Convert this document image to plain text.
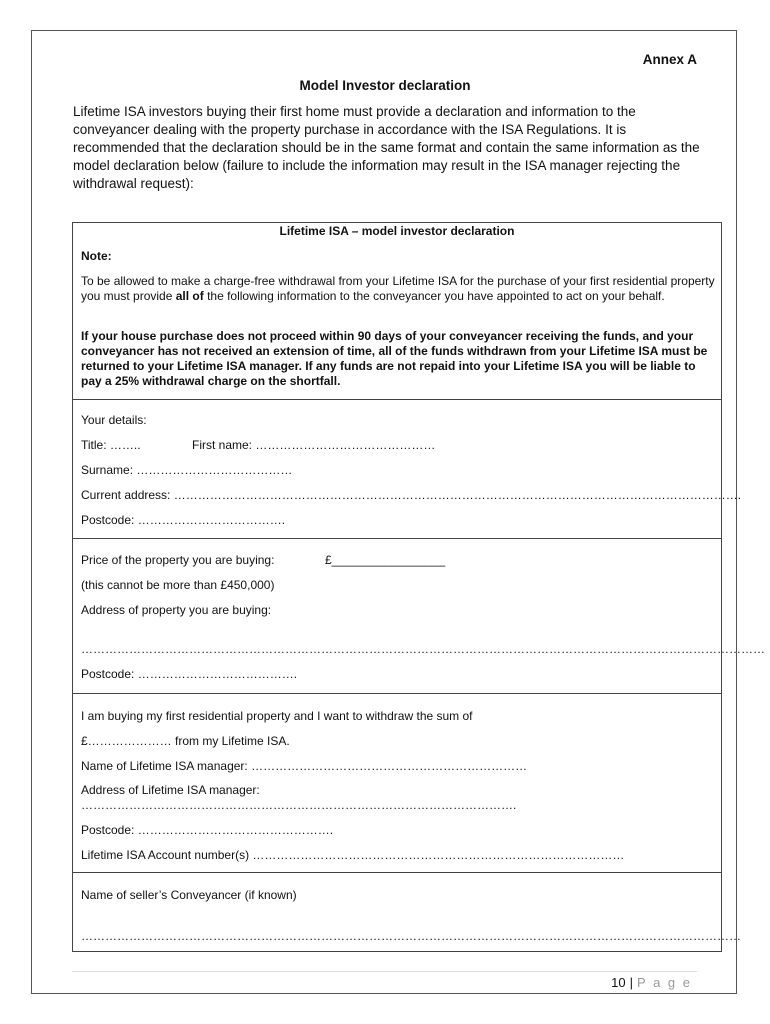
Annex A
Model Investor declaration

Lifetime ISA investors buying their first home must provide a declaration and information to the conveyancer dealing with the property purchase in accordance with the ISA Regulations. It is recommended that the declaration should be in the same format and contain the same information as the model declaration below (failure to include the information may result in the ISA manager rejecting the withdrawal request):

Lifetime ISA – model investor declaration
Note:
To be allowed to make a charge-free withdrawal from your Lifetime ISA for the purchase of your first residential property you must provide all of the following information to the conveyancer you have appointed to act on your behalf.
If your house purchase does not proceed within 90 days of your conveyancer receiving the funds, and your conveyancer has not received an extension of time, all of the funds withdrawn from your Lifetime ISA must be returned to your Lifetime ISA manager. If any funds are not repaid into your Lifetime ISA you will be liable to pay a 25% withdrawal charge on the shortfall.
Your details:
Title: ……..	First name: ………………………………………
Surname: …………………………………
Current address: …………………………………………………………………………………………………………………………….
Postcode: ……………………………….
Price of the property you are buying:	£_________________
(this cannot be more than £450,000)
Address of property you are buying:
………………………………………………………………………………………………………………………………………………………
Postcode: ………………………………….
I am buying my first residential property and I want to withdraw the sum of
£………………… from my Lifetime ISA.
Name of Lifetime ISA manager: ……………………………………………………………
Address of Lifetime ISA manager:
……………………………………………………………………………………………….
Postcode: ………………………………………….
Lifetime ISA Account number(s) …………………………………………………………………………………
Name of seller’s Conveyancer (if known)
…………………………………………………………………………………………………………………………………………………
10 | P a g e
